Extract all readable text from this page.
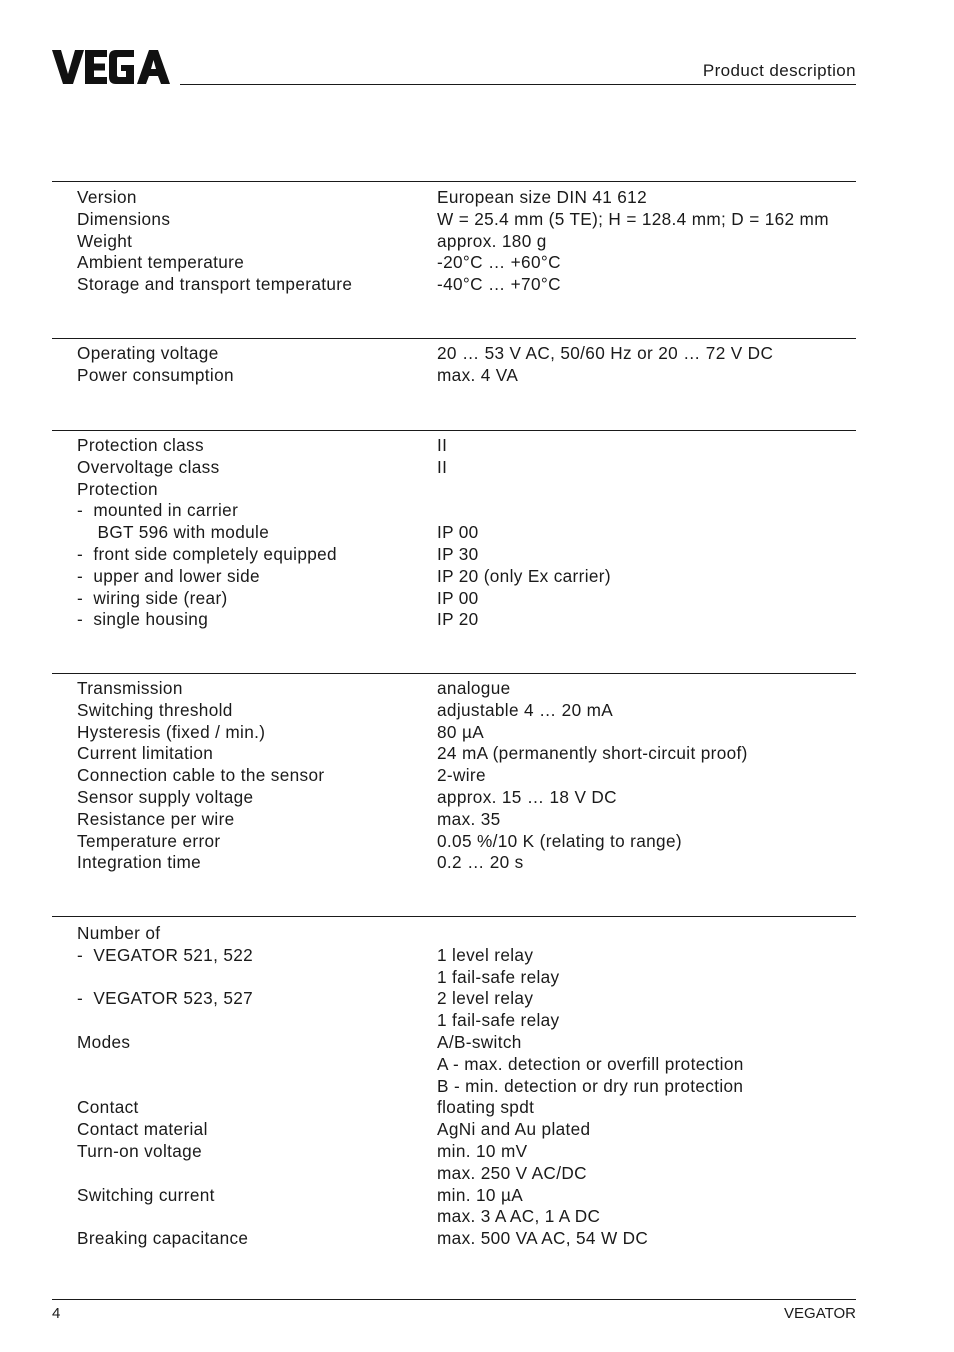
Product description
Version	European size DIN 41 612
Dimensions	W = 25.4 mm (5 TE); H = 128.4 mm; D = 162 mm
Weight	approx. 180 g
Ambient temperature	-20°C … +60°C
Storage and transport temperature	-40°C … +70°C
Operating voltage	20 … 53 V AC, 50/60 Hz or 20 … 72 V DC
Power consumption	max. 4 VA
Protection class	II
Overvoltage class	II
Protection
-  mounted in carrier
BGT 596 with module	IP 00
-  front side completely equipped	IP 30
-  upper and lower side	IP 20 (only Ex carrier)
-  wiring side (rear)	IP 00
-  single housing	IP 20
Transmission	analogue
Switching threshold	adjustable 4 … 20 mA
Hysteresis (fixed / min.)	80 µA
Current limitation	24 mA (permanently short-circuit proof)
Connection cable to the sensor	2-wire
Sensor supply voltage	approx. 15 … 18 V DC
Resistance per wire	max. 35
Temperature error	0.05 %/10 K (relating to range)
Integration time	0.2 … 20 s
Number of
-  VEGATOR 521, 522	1 level relay
1 fail-safe relay
-  VEGATOR 523, 527	2 level relay
1 fail-safe relay
Modes	A/B-switch
A - max. detection or overfill protection
B - min. detection or dry run protection
Contact	floating spdt
Contact material	AgNi and Au plated
Turn-on voltage	min. 10 mV
max. 250 V AC/DC
Switching current	min. 10 µA
max. 3 A AC, 1 A DC
Breaking capacitance	max. 500 VA AC, 54 W DC
4	VEGATOR
